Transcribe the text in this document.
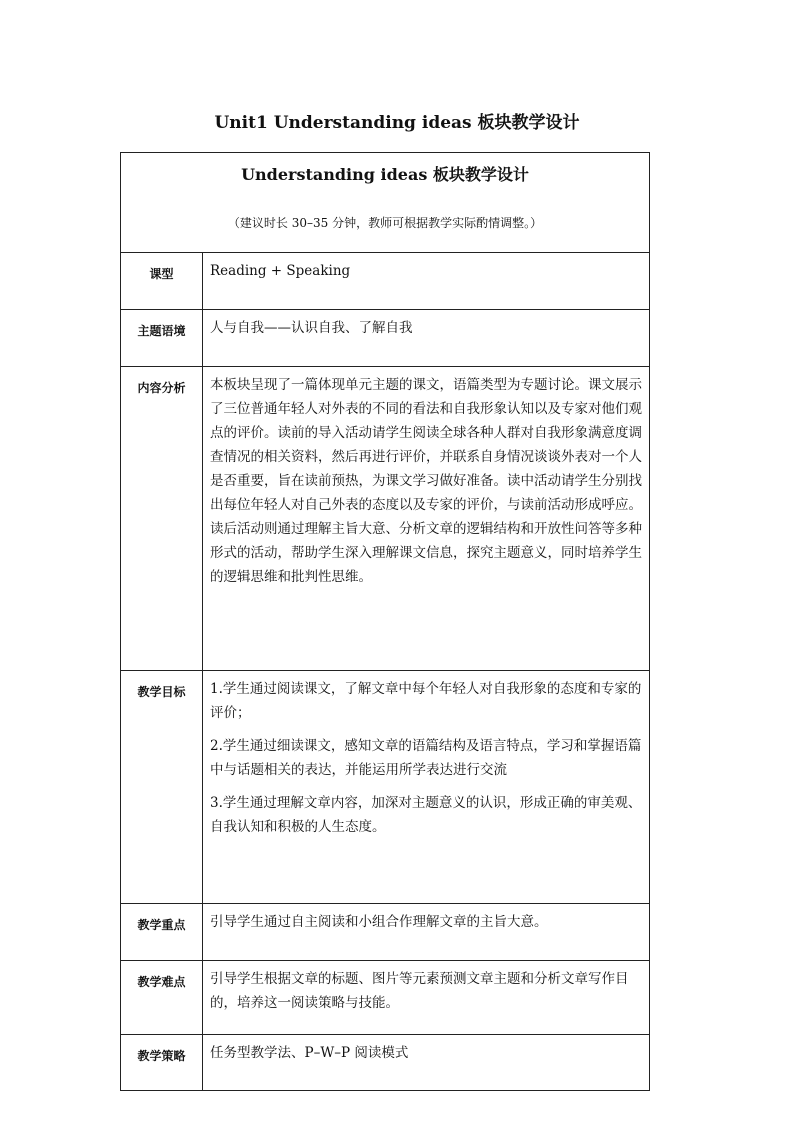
Unit1 Understanding ideas 板块教学设计
Understanding ideas 板块教学设计
（建议时长 30–35 分钟，教师可根据教学实际酌情调整。）	

课型	Reading + Speaking
主题语境	人与自我——认识自我、了解自我
内容分析	本板块呈现了一篇体现单元主题的课文，语篇类型为专题讨论。课文展示了三位普通年轻人对外表的不同的看法和自我形象认知以及专家对他们观点的评价。读前的导入活动请学生阅读全球各种人群对自我形象满意度调查情况的相关资料，然后再进行评价，并联系自身情况谈谈外表对一个人是否重要，旨在读前预热，为课文学习做好准备。读中活动请学生分别找出每位年轻人对自己外表的态度以及专家的评价，与读前活动形成呼应。读后活动则通过理解主旨大意、分析文章的逻辑结构和开放性问答等多种形式的活动，帮助学生深入理解课文信息，探究主题意义，同时培养学生的逻辑思维和批判性思维。
教学目标	1.学生通过阅读课文，了解文章中每个年轻人对自我形象的态度和专家的评价；

2.学生通过细读课文，感知文章的语篇结构及语言特点，学习和掌握语篇中与话题相关的表达，并能运用所学表达进行交流

3.学生通过理解文章内容，加深对主题意义的认识，形成正确的审美观、自我认知和积极的人生态度。

教学重点	引导学生通过自主阅读和小组合作理解文章的主旨大意。
教学难点	引导学生根据文章的标题、图片等元素预测文章主题和分析文章写作目的，培养这一阅读策略与技能。
教学策略	任务型教学法、P–W–P 阅读模式
